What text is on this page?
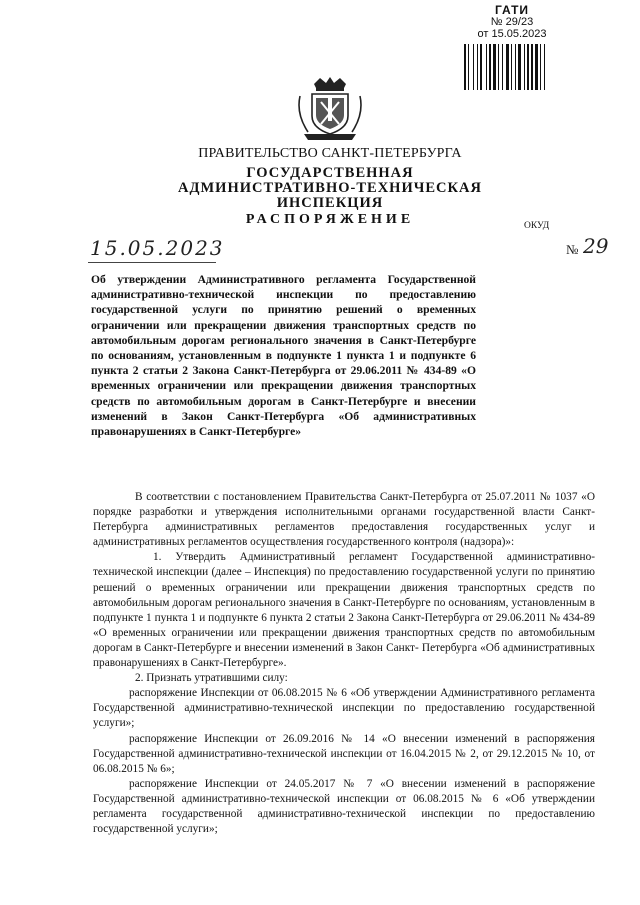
ГАТИ
№ 29/23
от 15.05.2023
ПРАВИТЕЛЬСТВО САНКТ-ПЕТЕРБУРГА
ГОСУДАРСТВЕННАЯ
АДМИНИСТРАТИВНО-ТЕХНИЧЕСКАЯ
ИНСПЕКЦИЯ
РАСПОРЯЖЕНИЕ	ОКУД
15.05.2023	№ 29
Об утверждении Административного регламента Государственной административно-технической инспекции по предоставлению государственной услуги по принятию решений о временных ограничении или прекращении движения транспортных средств по автомобильным дорогам регионального значения в Санкт-Петербурге по основаниям, установленным в подпункте 1 пункта 1 и подпункте 6 пункта 2 статьи 2 Закона Санкт-Петербурга от 29.06.2011 № 434-89 «О временных ограничении или прекращении движения транспортных средств по автомобильным дорогам в Санкт-Петербурге и внесении изменений в Закон Санкт-Петербурга «Об административных правонарушениях в Санкт-Петербурге»

В соответствии с постановлением Правительства Санкт-Петербурга от 25.07.2011 № 1037 «О порядке разработки и утверждения исполнительными органами государственной власти Санкт-Петербурга административных регламентов предоставления государственных услуг и административных регламентов осуществления государственного контроля (надзора)»:

1. Утвердить Административный регламент Государственной административно-технической инспекции (далее – Инспекция) по предоставлению государственной услуги по принятию решений о временных ограничении или прекращении движения транспортных средств по автомобильным дорогам регионального значения в Санкт-Петербурге по основаниям, установленным в подпункте 1 пункта 1 и подпункте 6 пункта 2 статьи 2 Закона Санкт-Петербурга от 29.06.2011 № 434-89 «О временных ограничении или прекращении движения транспортных средств по автомобильным дорогам в Санкт-Петербурге и внесении изменений в Закон Санкт- Петербурга «Об административных правонарушениях в Санкт-Петербурге».

2. Признать утратившими силу:

распоряжение Инспекции от 06.08.2015 № 6 «Об утверждении Административного регламента Государственной административно-технической инспекции по предоставлению государственной услуги»;

распоряжение Инспекции от 26.09.2016 № 14 «О внесении изменений в распоряжения Государственной административно-технической инспекции от 16.04.2015 № 2, от 29.12.2015 № 10, от 06.08.2015 № 6»;

распоряжение Инспекции от 24.05.2017 № 7 «О внесении изменений в распоряжение Государственной административно-технической инспекции от 06.08.2015 № 6 «Об утверждении регламента государственной административно-технической инспекции по предоставлению государственной услуги»;
